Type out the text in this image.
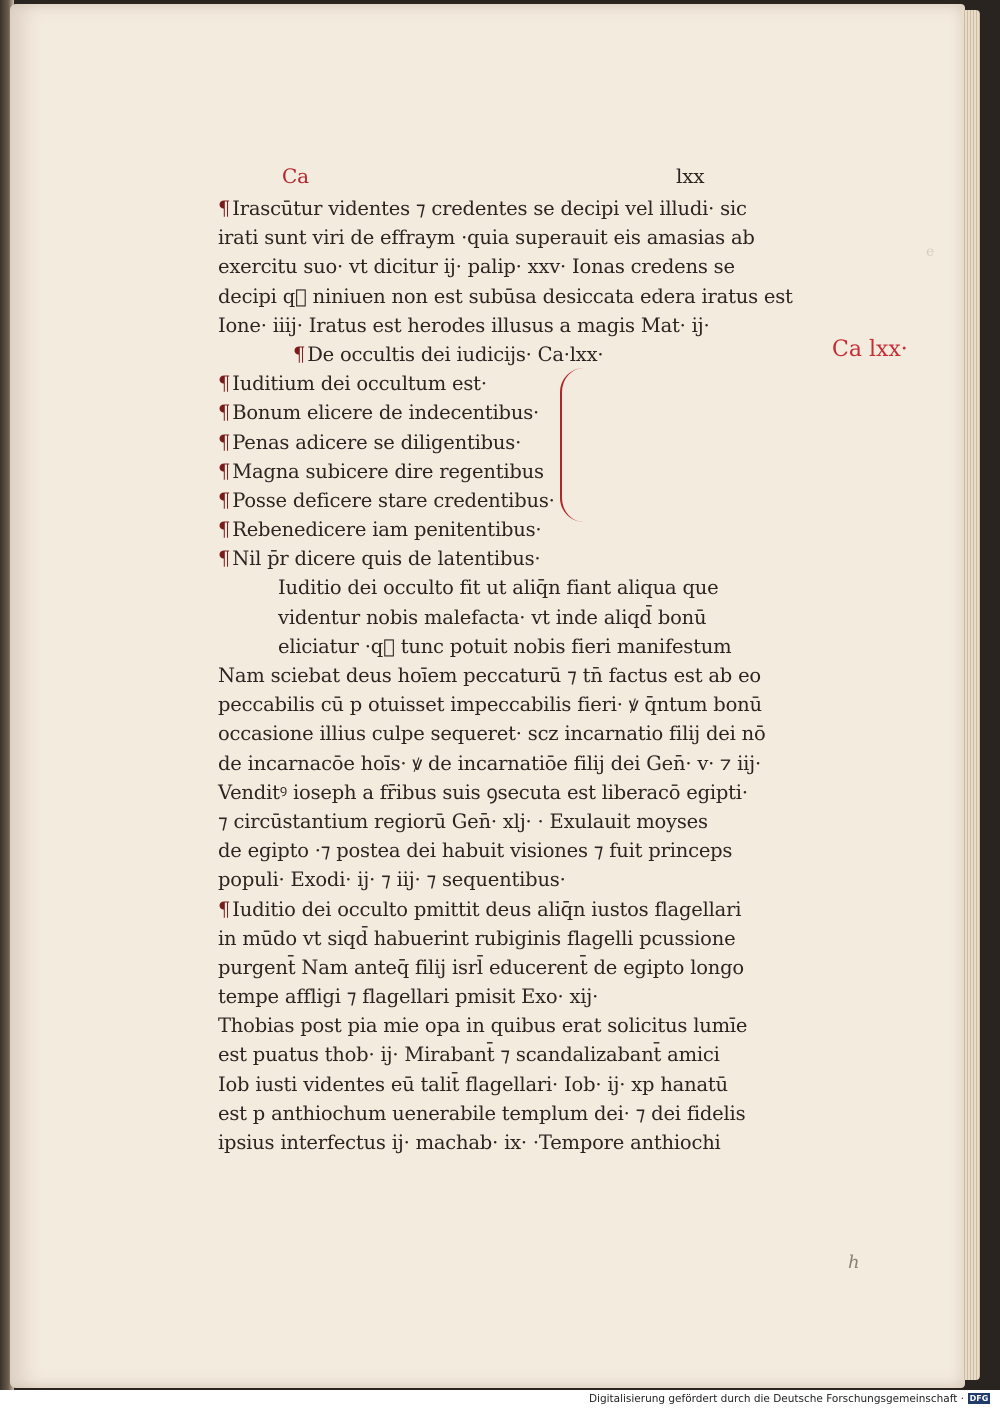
e
Ca	lxx
¶ Irascūtur videntes ⁊ credentes se decipi vel illudi· sic
irati sunt viri de effraym ·quia superauit eis amasias ab
exercitu suo· vt dicitur ij· palip· xxv· Ionas credens se
decipi q᷑ niniuen non est subūsa desiccata edera iratus est
Ione· iiij· Iratus est herodes illusus a magis Mat· ij·
¶ De occultis dei iudicijs· Ca·lxx·
¶ Iuditium dei occultum est·
¶ Bonum elicere de indecentibus·
¶ Penas adicere se diligentibus·
¶ Magna subicere dire regentibus
¶ Posse deficere stare credentibus·
¶ Rebenedicere iam penitentibus·
¶ Nil p̄r dicere quis de latentibus·
Iuditio dei occulto fit ut aliq̄n fiant aliqua que
videntur nobis malefacta· vt inde aliqd̄ bonū
eliciatur ·q᷑ tunc potuit nobis fieri manifestum
Nam sciebat deus hoīem peccaturū ⁊ tn̄ factus est ab eo
peccabilis cū p otuisset impeccabilis fieri· ꝟ q̄ntum bonū
occasione illius culpe sequeret· scz incarnatio filij dei nō
de incarnacōe hoīs· ꝟ de incarnatiōe filij dei Gen̄· v· ⁊ iij·
Venditꝰ ioseph a fr̄ibus suis ꝯsecuta est liberacō egipti·
⁊ circūstantium regiorū Gen̄· xlj· · Exulauit moyses
de egipto ·⁊ postea dei habuit visiones ⁊ fuit princeps
populi· Exodi· ij· ⁊ iij· ⁊ sequentibus·
¶ Iuditio dei occulto pmittit deus aliq̄n iustos flagellari
in mūdo vt siqd̄ habuerint rubiginis flagelli pcussione
purgent̄ Nam anteq̄ filij isrl̄ educerent̄ de egipto longo
tempe affligi ⁊ flagellari pmisit Exo· xij·
Thobias post pia mie opa in quibus erat solicitus lumīe
est puatus thob· ij· Mirabant̄ ⁊ scandalizabant̄ amici
Iob iusti videntes eū talit̄ flagellari· Iob· ij· xp hanatū
est p anthiochum uenerabile templum dei· ⁊ dei fidelis
ipsius interfectus ij· machab· ix· ·Tempore anthiochi
Ca lxx·
h
Digitalisierung gefördert durch die Deutsche Forschungsgemeinschaft · DFG
